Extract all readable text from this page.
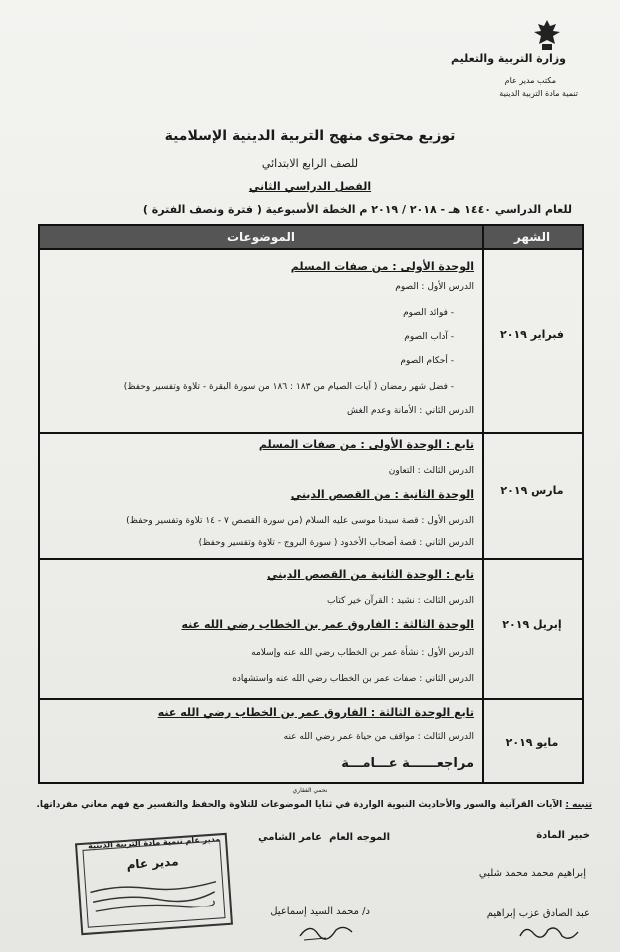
وزارة التربية والتعليم
مكتب مدير عام
تنمية مادة التربية الدينية
توزيع محتوى منهج التربية الدينية الإسلامية
للصف الرابع الابتدائي
الفصل الدراسي الثاني
للعام الدراسي ١٤٤٠ هـ - ٢٠١٨ / ٢٠١٩ م الخطة الأسبوعية ( فترة ونصف الفترة )
الشهر
الموضوعات
فبراير ٢٠١٩
الوحدة الأولى : من صفات المسلم
الدرس الأول : الصوم
- فوائد الصوم
- آداب الصوم
- أحكام الصوم
- فضل شهر رمضان ( آيات الصيام من ١٨٣ : ١٨٦ من سورة البقرة - تلاوة وتفسير وحفظ)
الدرس الثاني : الأمانة وعدم الغش
مارس ٢٠١٩
تابع : الوحدة الأولى : من صفات المسلم
الدرس الثالث : التعاون
الوحدة الثانية : من القصص الديني
الدرس الأول : قصة سيدنا موسى عليه السلام (من سورة القصص ٧ - ١٤ تلاوة وتفسير وحفظ)
الدرس الثاني : قصة أصحاب الأخدود ( سورة البروج - تلاوة وتفسير وحفظ)
إبريل ٢٠١٩
تابع : الوحدة الثانية من القصص الديني
الدرس الثالث : نشيد : القرآن خير كتاب
الوحدة الثالثة : الفاروق عمر بن الخطاب رضي الله عنه
الدرس الأول : نشأة عمر بن الخطاب رضي الله عنه وإسلامه
الدرس الثاني : صفات عمر بن الخطاب رضي الله عنه واستشهاده
مايو ٢٠١٩
تابع الوحدة الثالثة : الفاروق عمر بن الخطاب رضي الله عنه
الدرس الثالث : مواقف من حياة عمر رضي الله عنه
مراجعــــــة عـــامـــة
نحمي الفقاري
تنبيه : الآيات القرآنية والسور والأحاديث النبوية الواردة في ثنايا الموضوعات للتلاوة والحفظ والتفسير مع فهم معاني مفرداتها.
خبير المادة
الموجه العام
عامر الشامي
مدير عام تنمية مادة التربية الدينية
إبراهيم محمد محمد شلبي
عبد الصادق عزب إبراهيم
د/ محمد السيد إسماعيل
مدير عام
